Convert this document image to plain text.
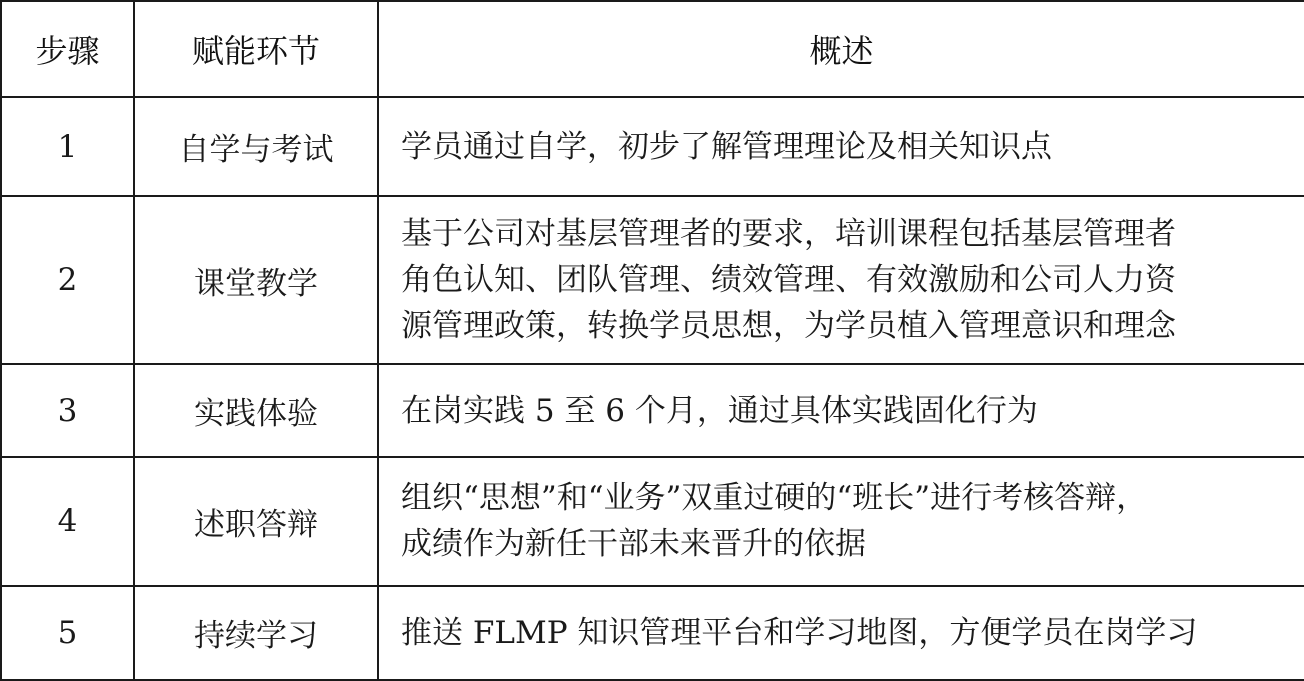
步骤	赋能环节	概述
1	自学与考试	学员通过自学，初步了解管理理论及相关知识点

2	课堂教学	基于公司对基层管理者的要求，培训课程包括基层管理者
角色认知、团队管理、绩效管理、有效激励和公司人力资
源管理政策，转换学员思想，为学员植入管理意识和理念

3	实践体验	在岗实践 5 至 6 个月，通过具体实践固化行为

4	述职答辩	组织“思想”和“业务”双重过硬的“班长”进行考核答辩，
成绩作为新任干部未来晋升的依据

5	持续学习	推送 FLMP 知识管理平台和学习地图，方便学员在岗学习
